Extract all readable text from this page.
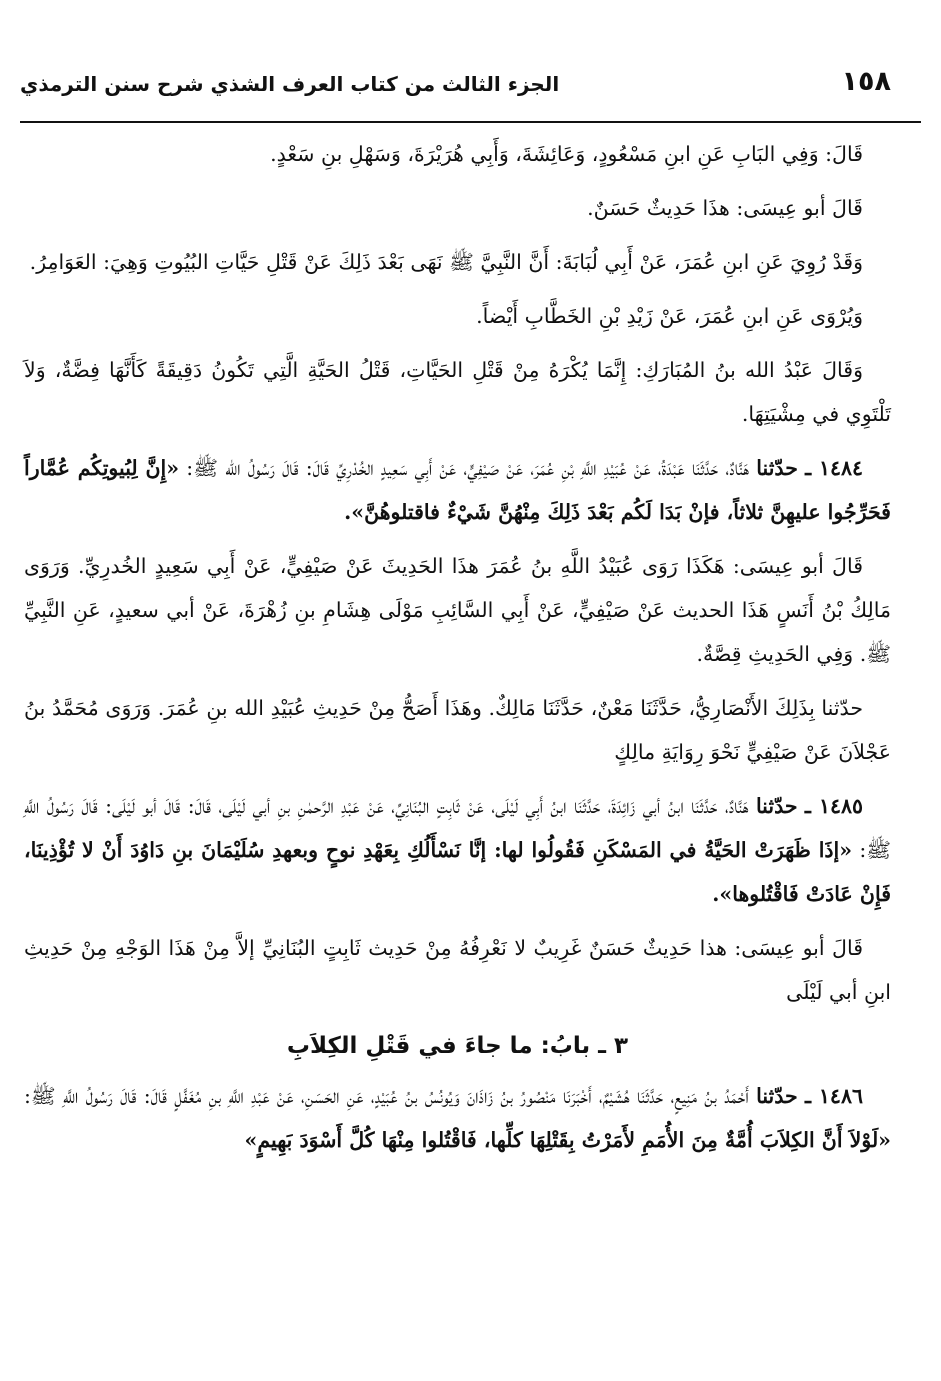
١٥٨
الجزء الثالث من كتاب العرف الشذي شرح سنن الترمذي

قَالَ: وَفِي البَابِ عَنِ ابنِ مَسْعُودٍ، وَعَائِشَةَ، وَأَبِي هُرَيْرَةَ، وَسَهْلِ بنِ سَعْدٍ.

قَالَ أبو عِيسَى: هذَا حَدِيثٌ حَسَنٌ.

وَقَدْ رُوِيَ عَنِ ابنِ عُمَرَ، عَنْ أَبِي لُبَابَةَ: أَنَّ النَّبِيَّ ﷺ نَهَى بَعْدَ ذَلِكَ عَنْ قَتْلِ حَيَّاتِ البُيُوتِ وَهِيَ: العَوَامِرُ.

وَيُرْوَى عَنِ ابنِ عُمَرَ، عَنْ زَيْدِ بْنِ الخَطَّابِ أَيْضاً.

وَقَالَ عَبْدُ الله بنُ المُبَارَكِ: إِنَّمَا يُكْرَهُ مِنْ قَتْلِ الحَيَّاتِ، قَتْلُ الحَيَّةِ الَّتِي تَكُونُ دَقِيقَةً كَأَنَّهَا فِضَّةٌ، وَلاَ تَلْتَوِي في مِشْيَتِهَا.

١٤٨٤ ـ حدّثنا هَنَّادٌ، حَدَّثَنَا عَبْدَةُ، عَنْ عُبَيْدِ اللَّهِ بْنِ عُمَرَ، عَنْ صَيْفِيٍّ، عَنْ أَبِي سَعِيدٍ الخُدْرِيِّ قَالَ: قَالَ رَسُولُ الله ﷺ: «إِنَّ لِبُيوتِكُم عُمَّاراً فَحَرِّجُوا عليهِنَّ ثلاثاً، فإنْ بَدَا لَكُم بَعْدَ ذَلِكَ مِنْهُنَّ شَيْءٌ فاقتلوهُنَّ».

قَالَ أبو عِيسَى: هَكَذَا رَوَى عُبَيْدُ اللَّهِ بنُ عُمَرَ هذَا الحَدِيثَ عَنْ صَيْفِيٍّ، عَنْ أَبِي سَعِيدٍ الخُدرِيِّ. وَرَوَى مَالِكُ بْنُ أَنَسٍ هَذَا الحديث عَنْ صَيْفِيٍّ، عَنْ أَبِي السَّائِبِ مَوْلَى هِشَامِ بنِ زُهْرَةَ، عَنْ أبي سعيدٍ، عَنِ النَّبِيِّ ﷺ. وَفِي الحَدِيثِ قِصَّةٌ.

حدّثنا بِذَلِكَ الأَنْصَارِيُّ، حَدَّثَنَا مَعْنٌ، حَدَّثَنَا مَالِكٌ. وهَذَا أَصَحُّ مِنْ حَدِيثِ عُبَيْدِ الله بنِ عُمَرَ. وَرَوَى مُحَمَّدُ بنُ عَجْلاَنَ عَنْ صَيْفِيٍّ نَحْوَ رِوَايَةِ مالِكٍ

١٤٨٥ ـ حدّثنا هَنَّادٌ، حَدَّثَنَا ابنُ أبي زَائِدَةَ، حَدَّثَنَا ابنُ أَبِي لَيْلَى، عَنْ ثَابِتٍ البُنَانِيِّ، عَنْ عَبْدِ الرَّحمٰنِ بنِ أبي لَيْلَى، قَالَ: قَالَ أبو لَيْلَى: قَالَ رَسُولُ اللَّهِ ﷺ: «إذَا ظَهَرَتْ الحَيَّةُ في المَسْكَنِ فَقُولُوا لها: إنَّا نَسْأَلُكِ بِعَهْدِ نوحٍ وبعهدِ سُلَيْمَانَ بنِ دَاوُدَ أَنْ لا تُؤْذِينَا، فَإِنْ عَادَتْ فَاقْتُلوها».

قَالَ أبو عِيسَى: هذا حَدِيثٌ حَسَنٌ غَرِيبٌ لا نَعْرِفُهُ مِنْ حَدِيث ثَابِتٍ البُنَانِيِّ إلاَّ مِنْ هَذَا الوَجْهِ مِنْ حَدِيثِ ابنِ أبي لَيْلَى

٣ ـ بابُ: ما جاءَ في قَتْلِ الكِلاَبِ

١٤٨٦ ـ حدّثنا أَحْمَدُ بنُ مَنِيعٍ، حَدَّثَنَا هُشَيْمٌ، أَخْبَرَنَا مَنْصُورُ بنُ زَاذَانَ وَيُونُسُ بنُ عُبَيْدٍ، عَنِ الحَسَنِ، عَنْ عَبْدِ اللَّهِ بنِ مُغَفَّلٍ قَالَ: قَالَ رَسُولُ اللَّهِ ﷺ: «لَوْلاَ أَنَّ الكِلاَبَ أُمَّةٌ مِنَ الأُمَمِ لأَمَرْتُ بِقَتْلِهَا كلِّها، فَاقْتُلوا مِنْهَا كُلَّ أَسْوَدَ بَهِيمٍ»
